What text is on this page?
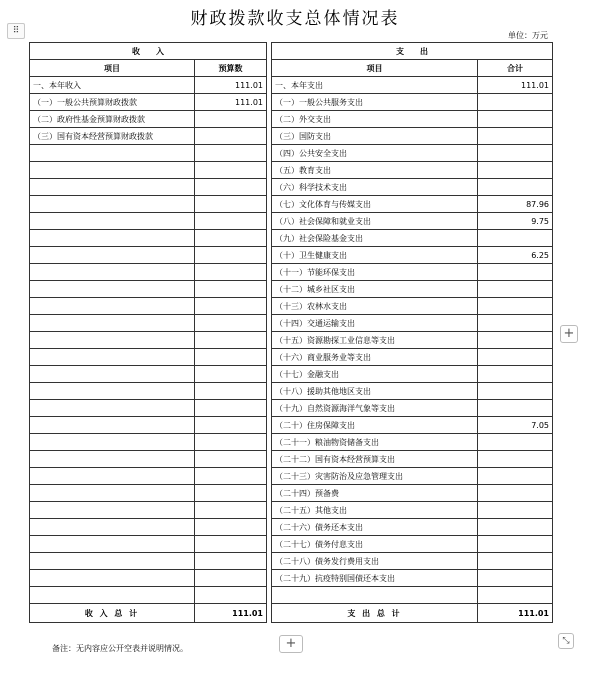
财政拨款收支总体情况表
⠿	单位：万元
收　　入			支　　出	
项目	预算数		项目	合计
一、本年收入	111.01		一、本年支出	111.01
（一）一般公共预算财政拨款	111.01		（一）一般公共服务支出	
（二）政府性基金预算财政拨款			（二）外交支出	
（三）国有资本经营预算财政拨款			（三）国防支出	
			（四）公共安全支出	
			（五）教育支出	
			（六）科学技术支出	
			（七）文化体育与传媒支出	87.96
			（八）社会保障和就业支出	9.75
			（九）社会保险基金支出	
			（十）卫生健康支出	6.25
			（十一）节能环保支出	
			（十二）城乡社区支出	
			（十三）农林水支出	
			（十四）交通运输支出	
			（十五）资源勘探工业信息等支出	
			（十六）商业服务业等支出	
			（十七）金融支出	
			（十八）援助其他地区支出	
			（十九）自然资源海洋气象等支出	
			（二十）住房保障支出	7.05
			（二十一）粮油物资储备支出	
			（二十二）国有资本经营预算支出	
			（二十三）灾害防治及应急管理支出	
			（二十四）预备费	
			（二十五）其他支出	
			（二十六）债务还本支出	
			（二十七）债务付息支出	
			（二十八）债务发行费用支出	
			（二十九）抗疫特别国债还本支出	

收 入 总 计	111.01		支 出 总 计	111.01
+
备注：无内容应公开空表并说明情况。	+	⤡
